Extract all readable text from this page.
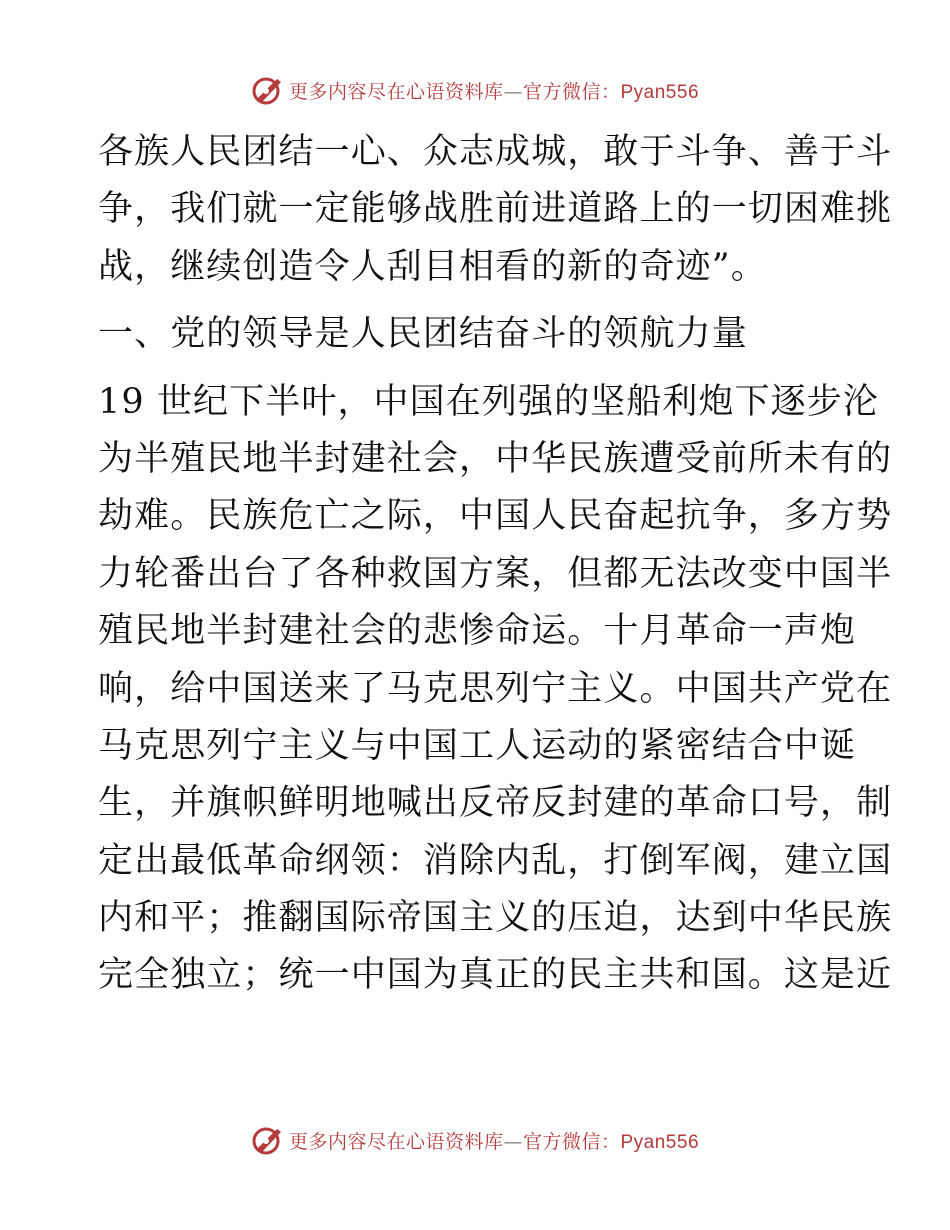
更多内容尽在心语资料库—官方微信：Pyan556
各族人民团结一心、众志成城，敢于斗争、善于斗
争，我们就一定能够战胜前进道路上的一切困难挑
战，继续创造令人刮目相看的新的奇迹”。
一、党的领导是人民团结奋斗的领航力量
19 世纪下半叶，中国在列强的坚船利炮下逐步沦
为半殖民地半封建社会，中华民族遭受前所未有的
劫难。民族危亡之际，中国人民奋起抗争，多方势
力轮番出台了各种救国方案，但都无法改变中国半
殖民地半封建社会的悲惨命运。十月革命一声炮
响，给中国送来了马克思列宁主义。中国共产党在
马克思列宁主义与中国工人运动的紧密结合中诞
生，并旗帜鲜明地喊出反帝反封建的革命口号，制
定出最低革命纲领：消除内乱，打倒军阀，建立国
内和平；推翻国际帝国主义的压迫，达到中华民族
完全独立；统一中国为真正的民主共和国。这是近
更多内容尽在心语资料库—官方微信：Pyan556
